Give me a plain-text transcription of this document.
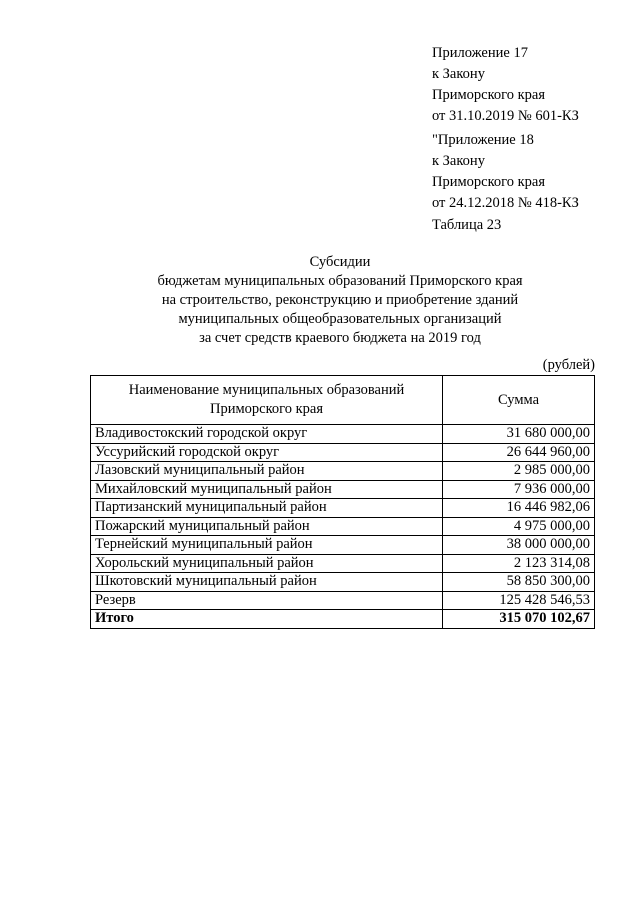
Приложение 17
к Закону
Приморского края
от 31.10.2019 № 601-КЗ
"Приложение 18
к Закону
Приморского края
от 24.12.2018 № 418-КЗ
Таблица 23
Субсидии
бюджетам муниципальных образований Приморского края
на строительство, реконструкцию и приобретение зданий
муниципальных общеобразовательных организаций
за счет средств краевого бюджета на 2019 год
(рублей)
Наименование муниципальных образований
Приморского края	Сумма
Владивостокский городской округ	31 680 000,00
Уссурийский городской округ	26 644 960,00
Лазовский муниципальный район	2 985 000,00
Михайловский муниципальный район	7 936 000,00
Партизанский муниципальный район	16 446 982,06
Пожарский муниципальный район	4 975 000,00
Тернейский муниципальный район	38 000 000,00
Хорольский муниципальный район	2 123 314,08
Шкотовский муниципальный район	58 850 300,00
Резерв	125 428 546,53
Итого	315 070 102,67
